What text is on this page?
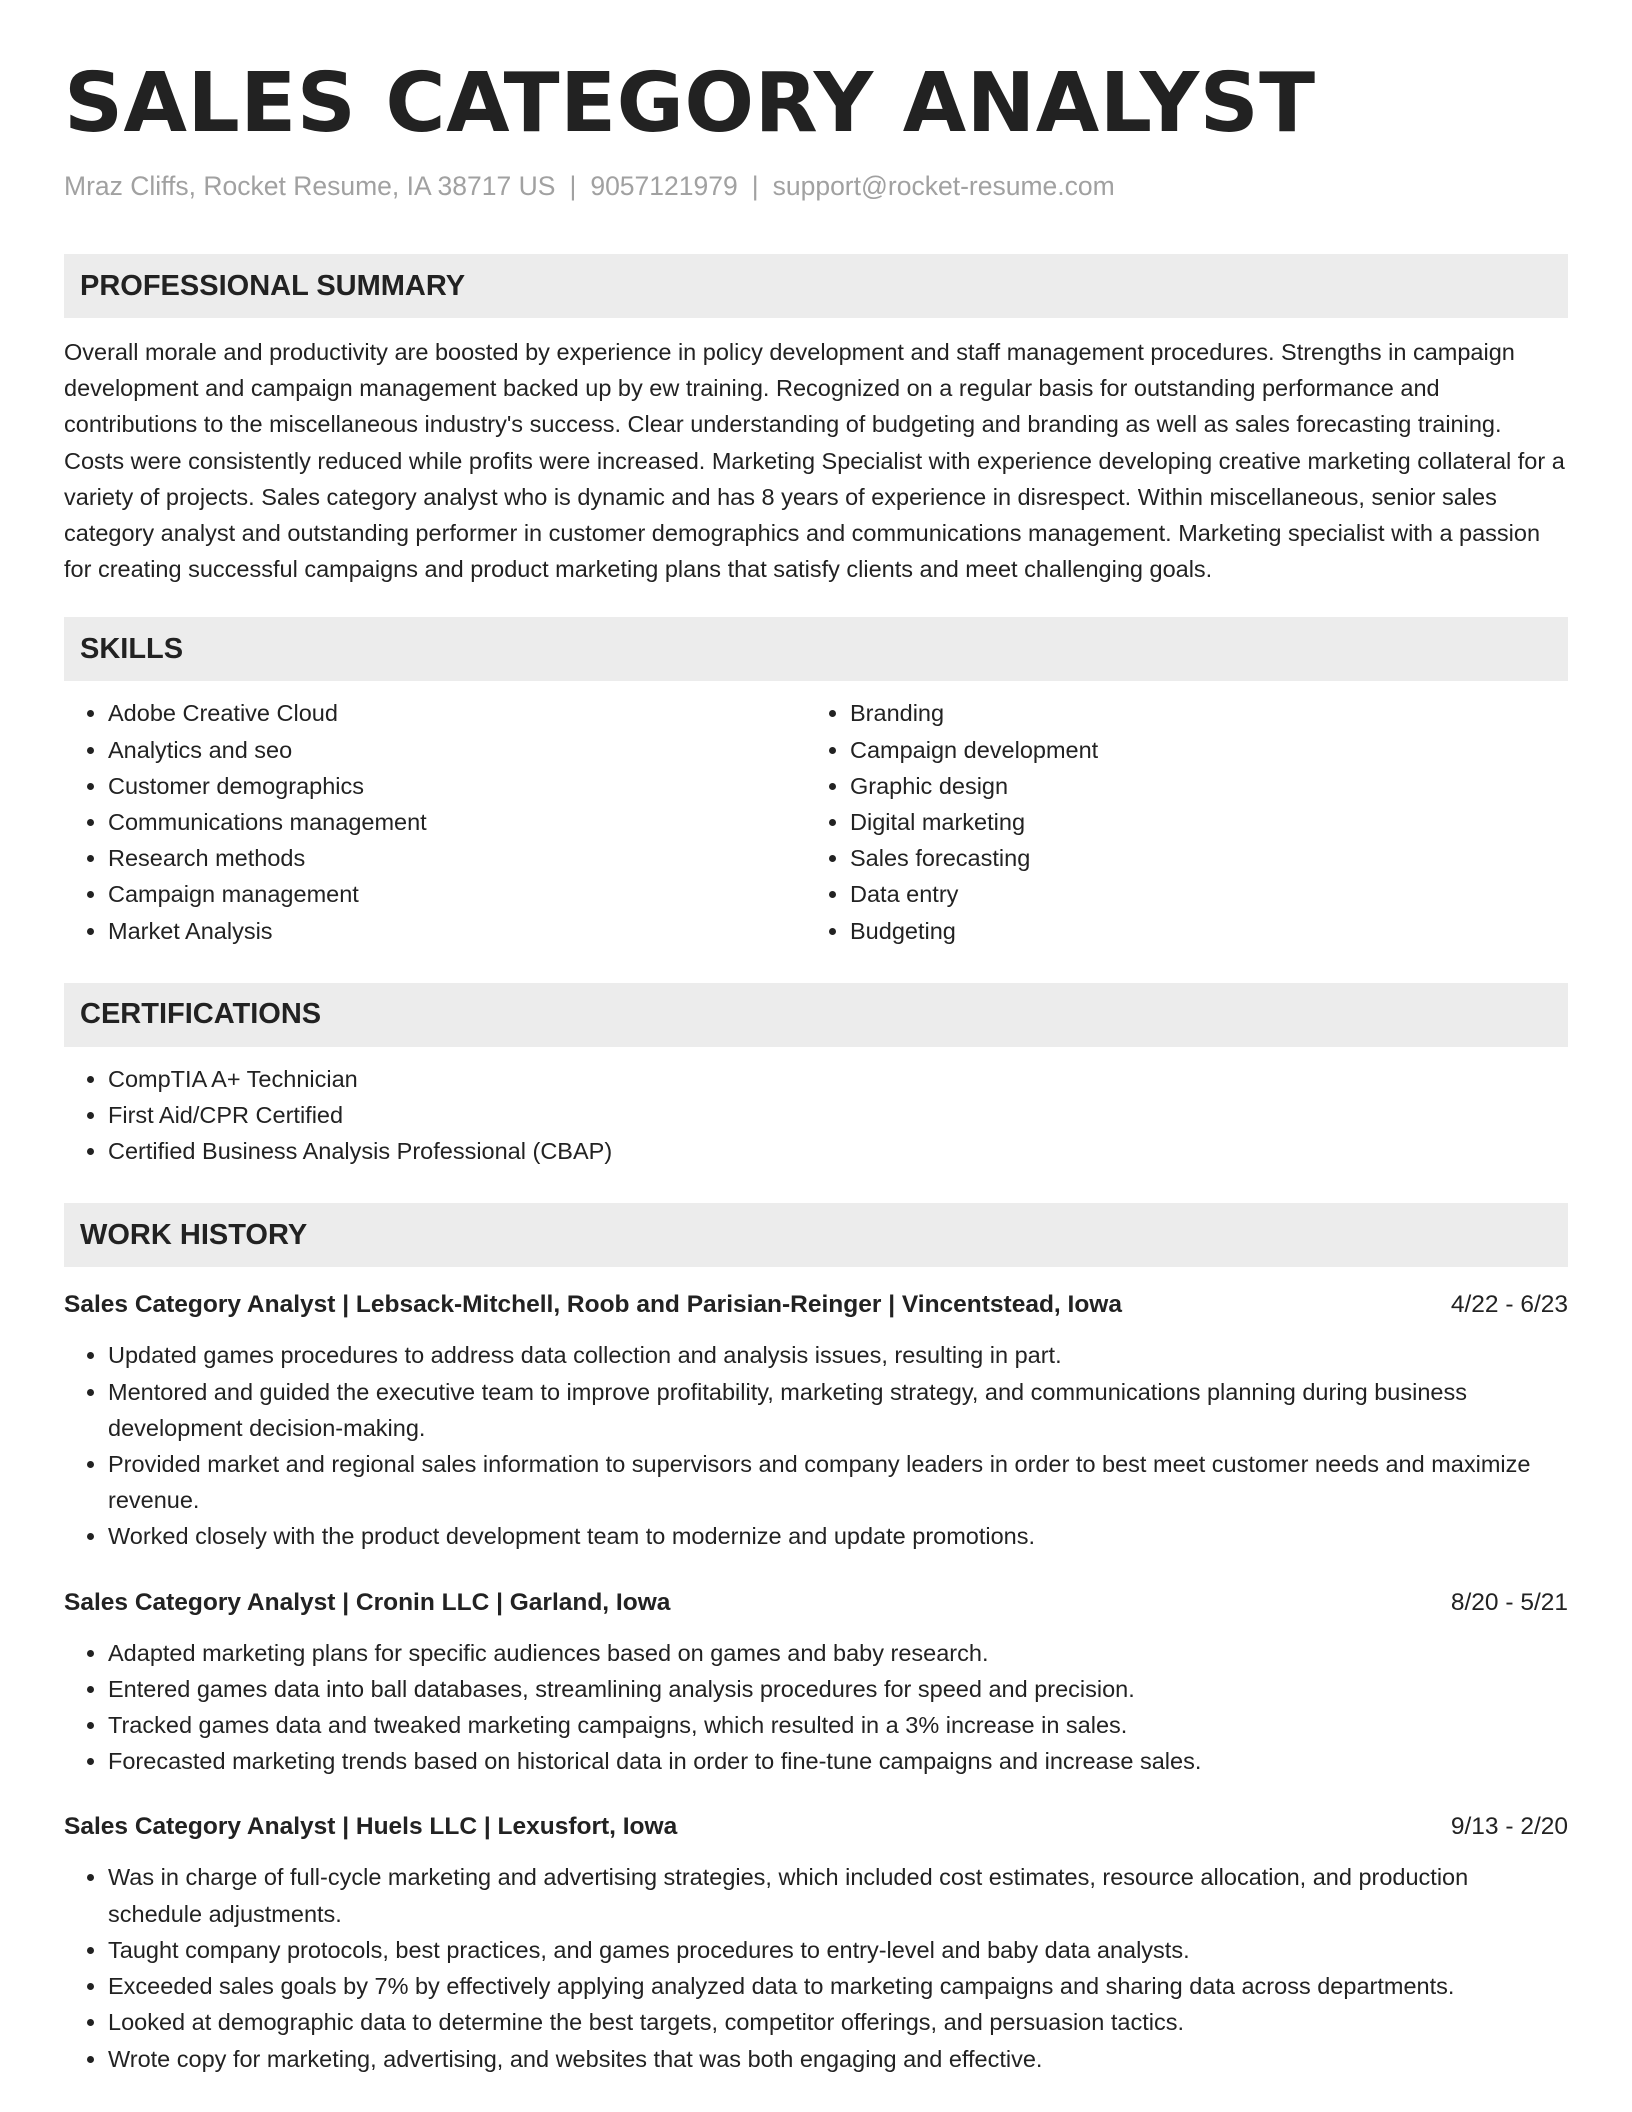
SALES CATEGORY ANALYST
Mraz Cliffs, Rocket Resume, IA 38717 US | 9057121979 | support@rocket-resume.com
PROFESSIONAL SUMMARY

Overall morale and productivity are boosted by experience in policy development and staff management procedures. Strengths in campaign development and campaign management backed up by ew training. Recognized on a regular basis for outstanding performance and contributions to the miscellaneous industry's success. Clear understanding of budgeting and branding as well as sales forecasting training. Costs were consistently reduced while profits were increased. Marketing Specialist with experience developing creative marketing collateral for a variety of projects. Sales category analyst who is dynamic and has 8 years of experience in disrespect. Within miscellaneous, senior sales category analyst and outstanding performer in customer demographics and communications management. Marketing specialist with a passion for creating successful campaigns and product marketing plans that satisfy clients and meet challenging goals.

SKILLS
• Adobe Creative Cloud
• Analytics and seo
• Customer demographics
• Communications management
• Research methods
• Campaign management
• Market Analysis
• Branding
• Campaign development
• Graphic design
• Digital marketing
• Sales forecasting
• Data entry
• Budgeting
CERTIFICATIONS
• CompTIA A+ Technician
• First Aid/CPR Certified
• Certified Business Analysis Professional (CBAP)
WORK HISTORY
Sales Category Analyst | Lebsack-Mitchell, Roob and Parisian-Reinger | Vincentstead, Iowa	4/22 - 6/23
• Updated games procedures to address data collection and analysis issues, resulting in part.
• Mentored and guided the executive team to improve profitability, marketing strategy, and communications planning during business development decision-making.
• Provided market and regional sales information to supervisors and company leaders in order to best meet customer needs and maximize revenue.
• Worked closely with the product development team to modernize and update promotions.
Sales Category Analyst | Cronin LLC | Garland, Iowa	8/20 - 5/21
• Adapted marketing plans for specific audiences based on games and baby research.
• Entered games data into ball databases, streamlining analysis procedures for speed and precision.
• Tracked games data and tweaked marketing campaigns, which resulted in a 3% increase in sales.
• Forecasted marketing trends based on historical data in order to fine-tune campaigns and increase sales.
Sales Category Analyst | Huels LLC | Lexusfort, Iowa	9/13 - 2/20
• Was in charge of full-cycle marketing and advertising strategies, which included cost estimates, resource allocation, and production schedule adjustments.
• Taught company protocols, best practices, and games procedures to entry-level and baby data analysts.
• Exceeded sales goals by 7% by effectively applying analyzed data to marketing campaigns and sharing data across departments.
• Looked at demographic data to determine the best targets, competitor offerings, and persuasion tactics.
• Wrote copy for marketing, advertising, and websites that was both engaging and effective.
